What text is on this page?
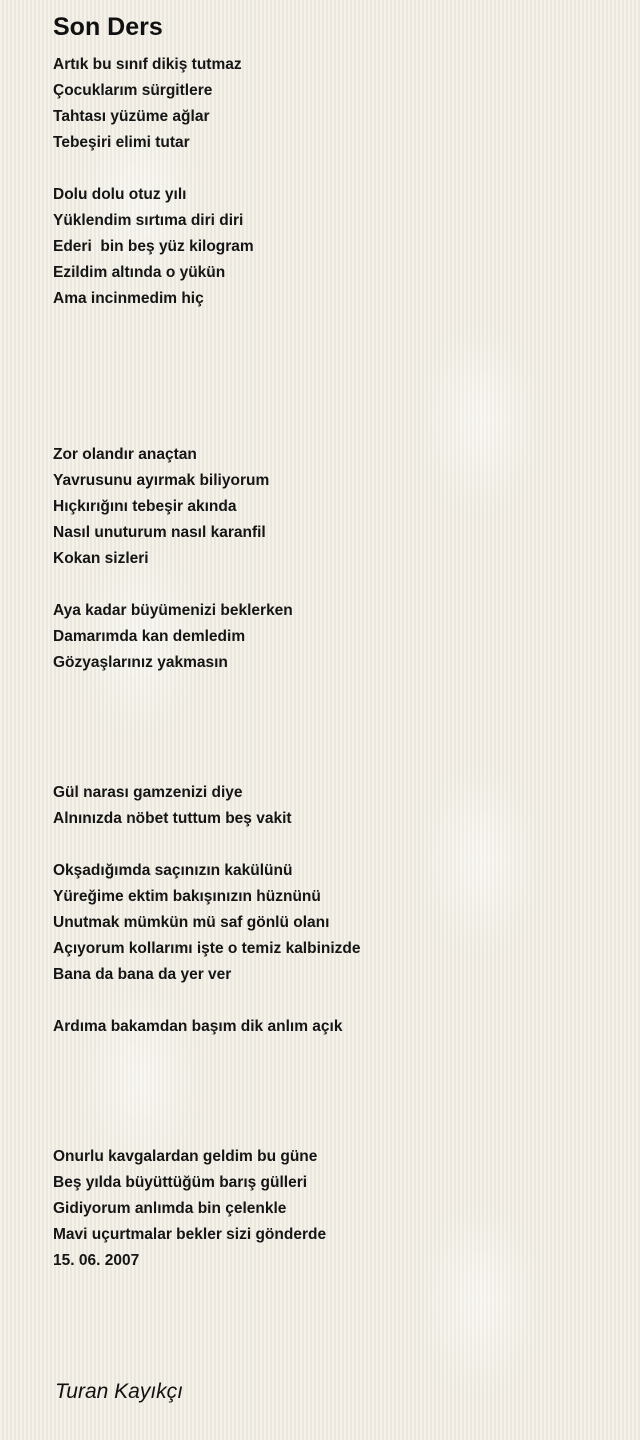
Son Ders
Artık bu sınıf dikiş tutmaz
Çocuklarım sürgitlere
Tahtası yüzüme ağlar
Tebeşiri elimi tutar
Dolu dolu otuz yılı
Yüklendim sırtıma diri diri
Ederi  bin beş yüz kilogram
Ezildim altında o yükün
Ama incinmedim hiç
Zor olandır anaçtan
Yavrusunu ayırmak biliyorum
Hıçkırığını tebeşir akında
Nasıl unuturum nasıl karanfil
Kokan sizleri
Aya kadar büyümenizi beklerken
Damarımda kan demledim
Gözyaşlarınız yakmasın
Gül narası gamzenizi diye
Alnınızda nöbet tuttum beş vakit
Okşadığımda saçınızın kakülünü
Yüreğime ektim bakışınızın hüznünü
Unutmak mümkün mü saf gönlü olanı
Açıyorum kollarımı işte o temiz kalbinizde
Bana da bana da yer ver
Ardıma bakamdan başım dik anlım açık
Onurlu kavgalardan geldim bu güne
Beş yılda büyüttüğüm barış gülleri
Gidiyorum anlımda bin çelenkle
Mavi uçurtmalar bekler sizi gönderde
15. 06. 2007
Turan Kayıkçı
